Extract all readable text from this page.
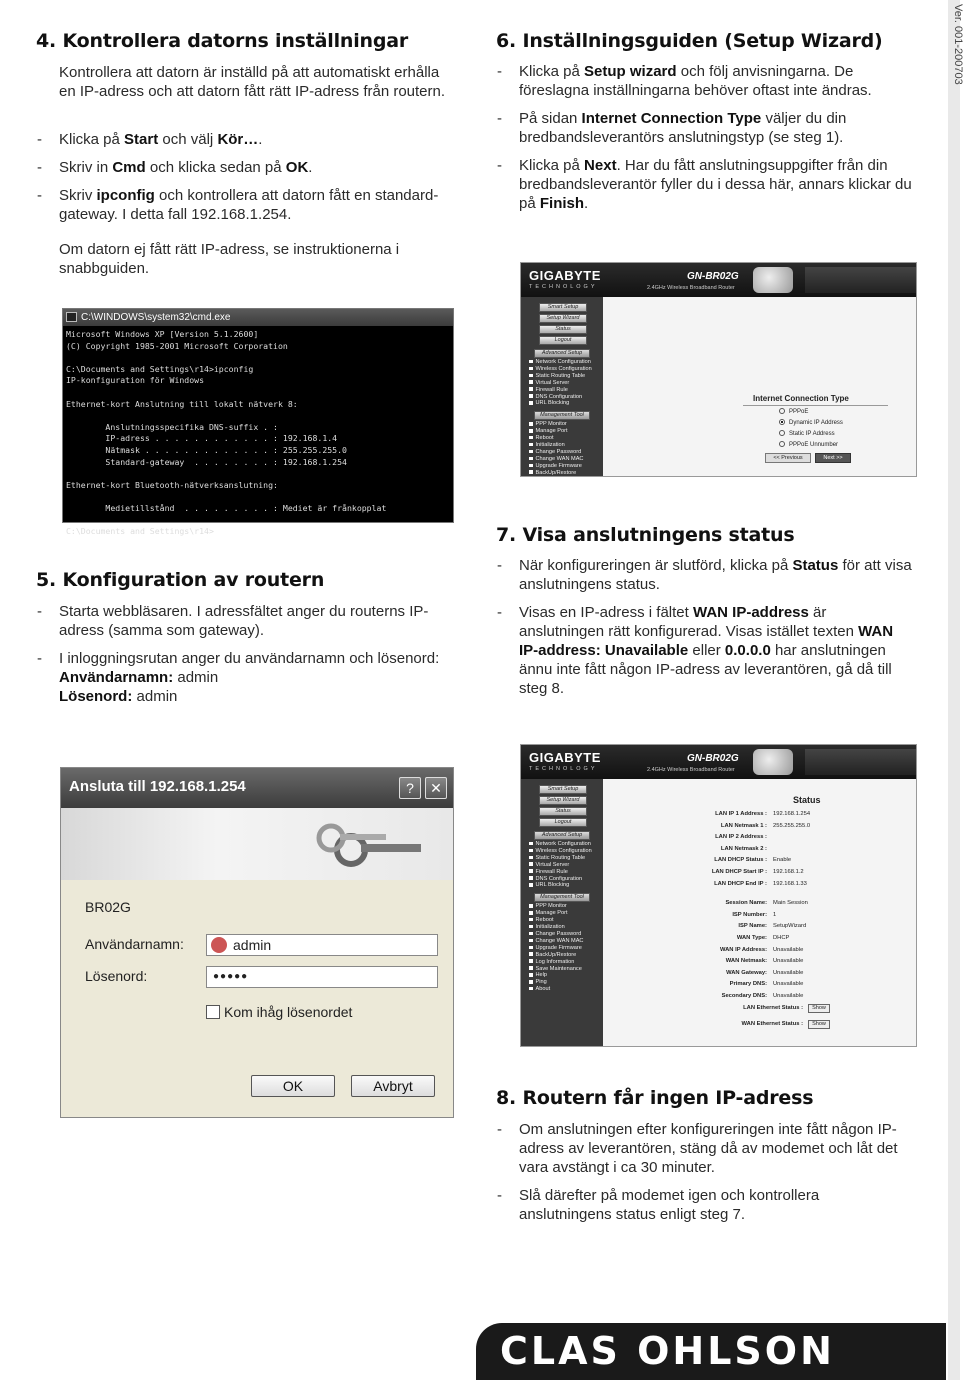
Ver. 001-200703
4. Kontrollera datorns inställningar
Kontrollera att datorn är inställd på att automatiskt erhålla en IP-adress och att datorn fått rätt IP-adress från routern.
- Klicka på Start och välj Kör….
- Skriv in Cmd och klicka sedan på OK.
- Skriv ipconfig och kontrollera att datorn fått en standard-gateway. I detta fall 192.168.1.254.
Om datorn ej fått rätt IP-adress, se instruktionerna i snabbguiden.
C:\WINDOWS\system32\cmd.exe
Microsoft Windows XP [Version 5.1.2600]
(C) Copyright 1985-2001 Microsoft Corporation

C:\Documents and Settings\r14>ipconfig
IP-konfiguration för Windows

Ethernet-kort Anslutning till lokalt nätverk 8:

Anslutningsspecifika DNS-suffix . :
IP-adress . . . . . . . . . . . . : 192.168.1.4
Nätmask . . . . . . . . . . . . . : 255.255.255.0
Standard-gateway  . . . . . . . . : 192.168.1.254

Ethernet-kort Bluetooth-nätverksanslutning:

Medietillstånd  . . . . . . . . . : Mediet är frånkopplat

C:\Documents and Settings\r14>
5. Konfiguration av routern
- Starta webbläsaren. I adressfältet anger du routerns IP-adress (samma som gateway).
- I inloggningsrutan anger du användarnamn och lösenord:
Användarnamn: admin
Lösenord: admin
Ansluta till 192.168.1.254	?	✕
BR02G
Användarnamn:	admin
Lösenord:	●●●●●
Kom ihåg lösenordet
OK	Avbryt
6. Inställningsguiden (Setup Wizard)
- Klicka på Setup wizard och följ anvisningarna. De föreslagna inställningarna behöver oftast inte ändras.
- På sidan Internet Connection Type väljer du din bredbandsleverantörs anslutningstyp (se steg 1).
- Klicka på Next. Har du fått anslutningsuppgifter från din bredbandsleverantör fyller du i dessa här, annars klickar du på Finish.
GIGABYTE
TECHNOLOGY	2.4GHz Wireless Broadband Router
GN-BR02G
Smart Setup
Setup Wizard
Status
Logout
Advanced Setup
Network Configuration
Wireless Configuration
Static Routing Table
Virtual Server
Firewall Rule
DNS Configuration
URL Blocking
Management Tool
PPP Monitor
Manage Port
Reboot
Initialization
Change Password
Change WAN MAC
Upgrade Firmware
BackUp/Restore
Internet Connection Type
PPPoE
Dynamic IP Address
Static IP Address
PPPoE Unnumber
<< Previous	Next >>
7. Visa anslutningens status
- När konfigureringen är slutförd, klicka på Status för att visa anslutningens status.
- Visas en IP-adress i fältet WAN IP-address är anslutningen rätt konfigurerad. Visas istället texten WAN IP-address: Unavailable eller 0.0.0.0 har anslutningen ännu inte fått någon IP-adress av leverantören, gå då till steg 8.
GIGABYTE
TECHNOLOGY	2.4GHz Wireless Broadband Router
GN-BR02G
Smart Setup
Setup Wizard
Status
Logout
Advanced Setup
Network Configuration
Wireless Configuration
Static Routing Table
Virtual Server
Firewall Rule
DNS Configuration
URL Blocking
Management Tool
PPP Monitor
Manage Port
Reboot
Initialization
Change Password
Change WAN MAC
Upgrade Firmware
BackUp/Restore
Log Information
Save Maintenance
Help
Ping
About
Status
LAN IP 1 Address :	192.168.1.254
LAN Netmask 1 :	255.255.255.0
LAN IP 2 Address :
LAN Netmask 2 :
LAN DHCP Status :	Enable
LAN DHCP Start IP :	192.168.1.2
LAN DHCP End IP :	192.168.1.33
Session Name:	Main Session
ISP Number:	1
ISP Name:	SetupWizard
WAN Type:	DHCP
WAN IP Address:	Unavailable
WAN Netmask:	Unavailable
WAN Gateway:	Unavailable
Primary DNS:	Unavailable
Secondary DNS:	Unavailable
LAN Ethernet Status :	Show
WAN Ethernet Status :	Show
8. Routern får ingen IP-adress
- Om anslutningen efter konfigureringen inte fått någon IP-adress av leverantören, stäng då av modemet och låt det vara avstängt i ca 30 minuter.
- Slå därefter på modemet igen och kontrollera anslutningens status enligt steg 7.
CLAS OHLSON
